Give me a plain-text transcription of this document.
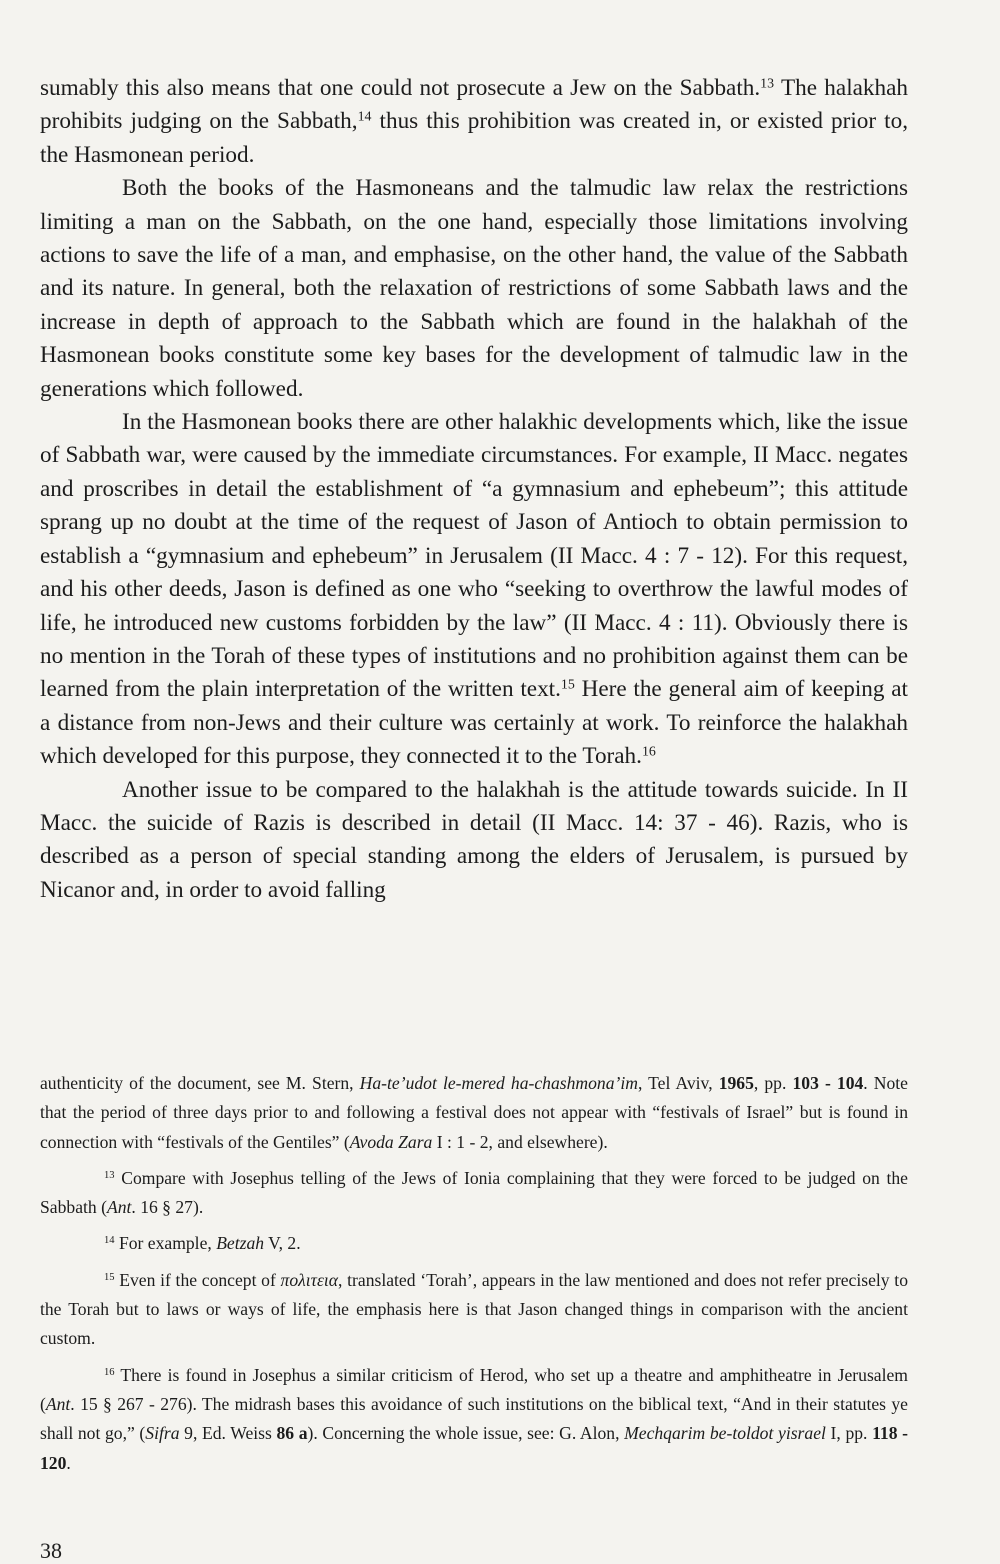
sumably this also means that one could not prosecute a Jew on the Sabbath.$^{13}$ The halakhah prohibits judging on the Sabbath,$^{14}$ thus this prohibition was created in, or existed prior to, the Hasmonean period.

Both the books of the Hasmoneans and the talmudic law relax the restrictions limiting a man on the Sabbath, on the one hand, especially those limitations involving actions to save the life of a man, and emphasise, on the other hand, the value of the Sabbath and its nature. In general, both the relaxation of restrictions of some Sabbath laws and the increase in depth of approach to the Sabbath which are found in the halakhah of the Hasmonean books constitute some key bases for the development of talmudic law in the generations which followed.

In the Hasmonean books there are other halakhic developments which, like the issue of Sabbath war, were caused by the immediate circumstances. For example, II Macc. negates and proscribes in detail the establishment of “a gymnasium and ephebeum”; this attitude sprang up no doubt at the time of the request of Jason of Antioch to obtain permission to establish a “gymnasium and ephebeum” in Jerusalem (II Macc. 4 : 7 - 12). For this request, and his other deeds, Jason is defined as one who “seeking to overthrow the lawful modes of life, he introduced new customs forbidden by the law” (II Macc. 4 : 11). Obviously there is no mention in the Torah of these types of institutions and no prohibition against them can be learned from the plain interpretation of the written text.$^{15}$ Here the general aim of keeping at a distance from non-Jews and their culture was certainly at work. To reinforce the halakhah which developed for this purpose, they connected it to the Torah.$^{16}$

Another issue to be compared to the halakhah is the attitude towards suicide. In II Macc. the suicide of Razis is described in detail (II Macc. 14: 37 - 46). Razis, who is described as a person of special standing among the elders of Jerusalem, is pursued by Nicanor and, in order to avoid falling

authenticity of the document, see M. Stern, Ha-te’udot le-mered ha-chashmona’im, Tel Aviv, 1965, pp. 103 - 104. Note that the period of three days prior to and following a festival does not appear with “festivals of Israel” but is found in connection with “festivals of the Gentiles” (Avoda Zara I : 1 - 2, and elsewhere).

$^{13}$ Compare with Josephus telling of the Jews of Ionia complaining that they were forced to be judged on the Sabbath (Ant. 16 § 27).

$^{14}$ For example, Betzah V, 2.

$^{15}$ Even if the concept of πολιτεια, translated ‘Torah’, appears in the law mentioned and does not refer precisely to the Torah but to laws or ways of life, the emphasis here is that Jason changed things in comparison with the ancient custom.

$^{16}$ There is found in Josephus a similar criticism of Herod, who set up a theatre and amphitheatre in Jerusalem (Ant. 15 § 267 - 276). The midrash bases this avoidance of such institutions on the biblical text, “And in their statutes ye shall not go,” (Sifra 9, Ed. Weiss 86 a). Concerning the whole issue, see: G. Alon, Mechqarim be-toldot yisrael I, pp. 118 - 120.

38
